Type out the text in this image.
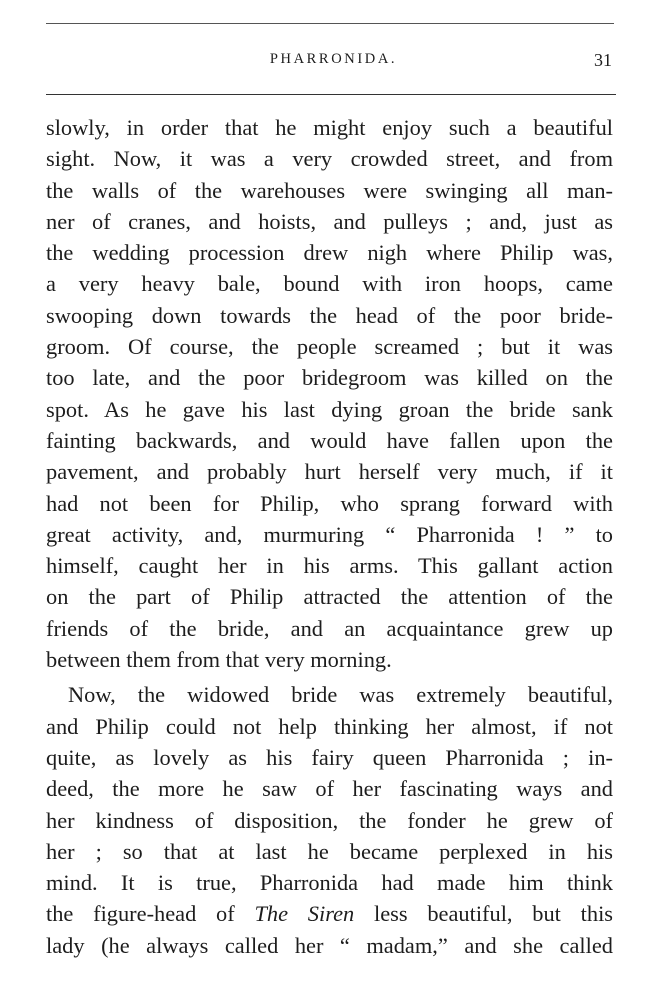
PHARRONIDA.	31
slowly, in order that he might enjoy such a beautiful
sight. Now, it was a very crowded street, and from
the walls of the warehouses were swinging all man-
ner of cranes, and hoists, and pulleys ; and, just as
the wedding procession drew nigh where Philip was,
a very heavy bale, bound with iron hoops, came
swooping down towards the head of the poor bride-
groom. Of course, the people screamed ; but it was
too late, and the poor bridegroom was killed on the
spot. As he gave his last dying groan the bride sank
fainting backwards, and would have fallen upon the
pavement, and probably hurt herself very much, if it
had not been for Philip, who sprang forward with
great activity, and, murmuring “ Pharronida ! ” to
himself, caught her in his arms. This gallant action
on the part of Philip attracted the attention of the
friends of the bride, and an acquaintance grew up
between them from that very morning.
Now, the widowed bride was extremely beautiful,
and Philip could not help thinking her almost, if not
quite, as lovely as his fairy queen Pharronida ; in-
deed, the more he saw of her fascinating ways and
her kindness of disposition, the fonder he grew of
her ; so that at last he became perplexed in his
mind. It is true, Pharronida had made him think
the figure-head of The Siren less beautiful, but this
lady (he always called her “ madam,” and she called
